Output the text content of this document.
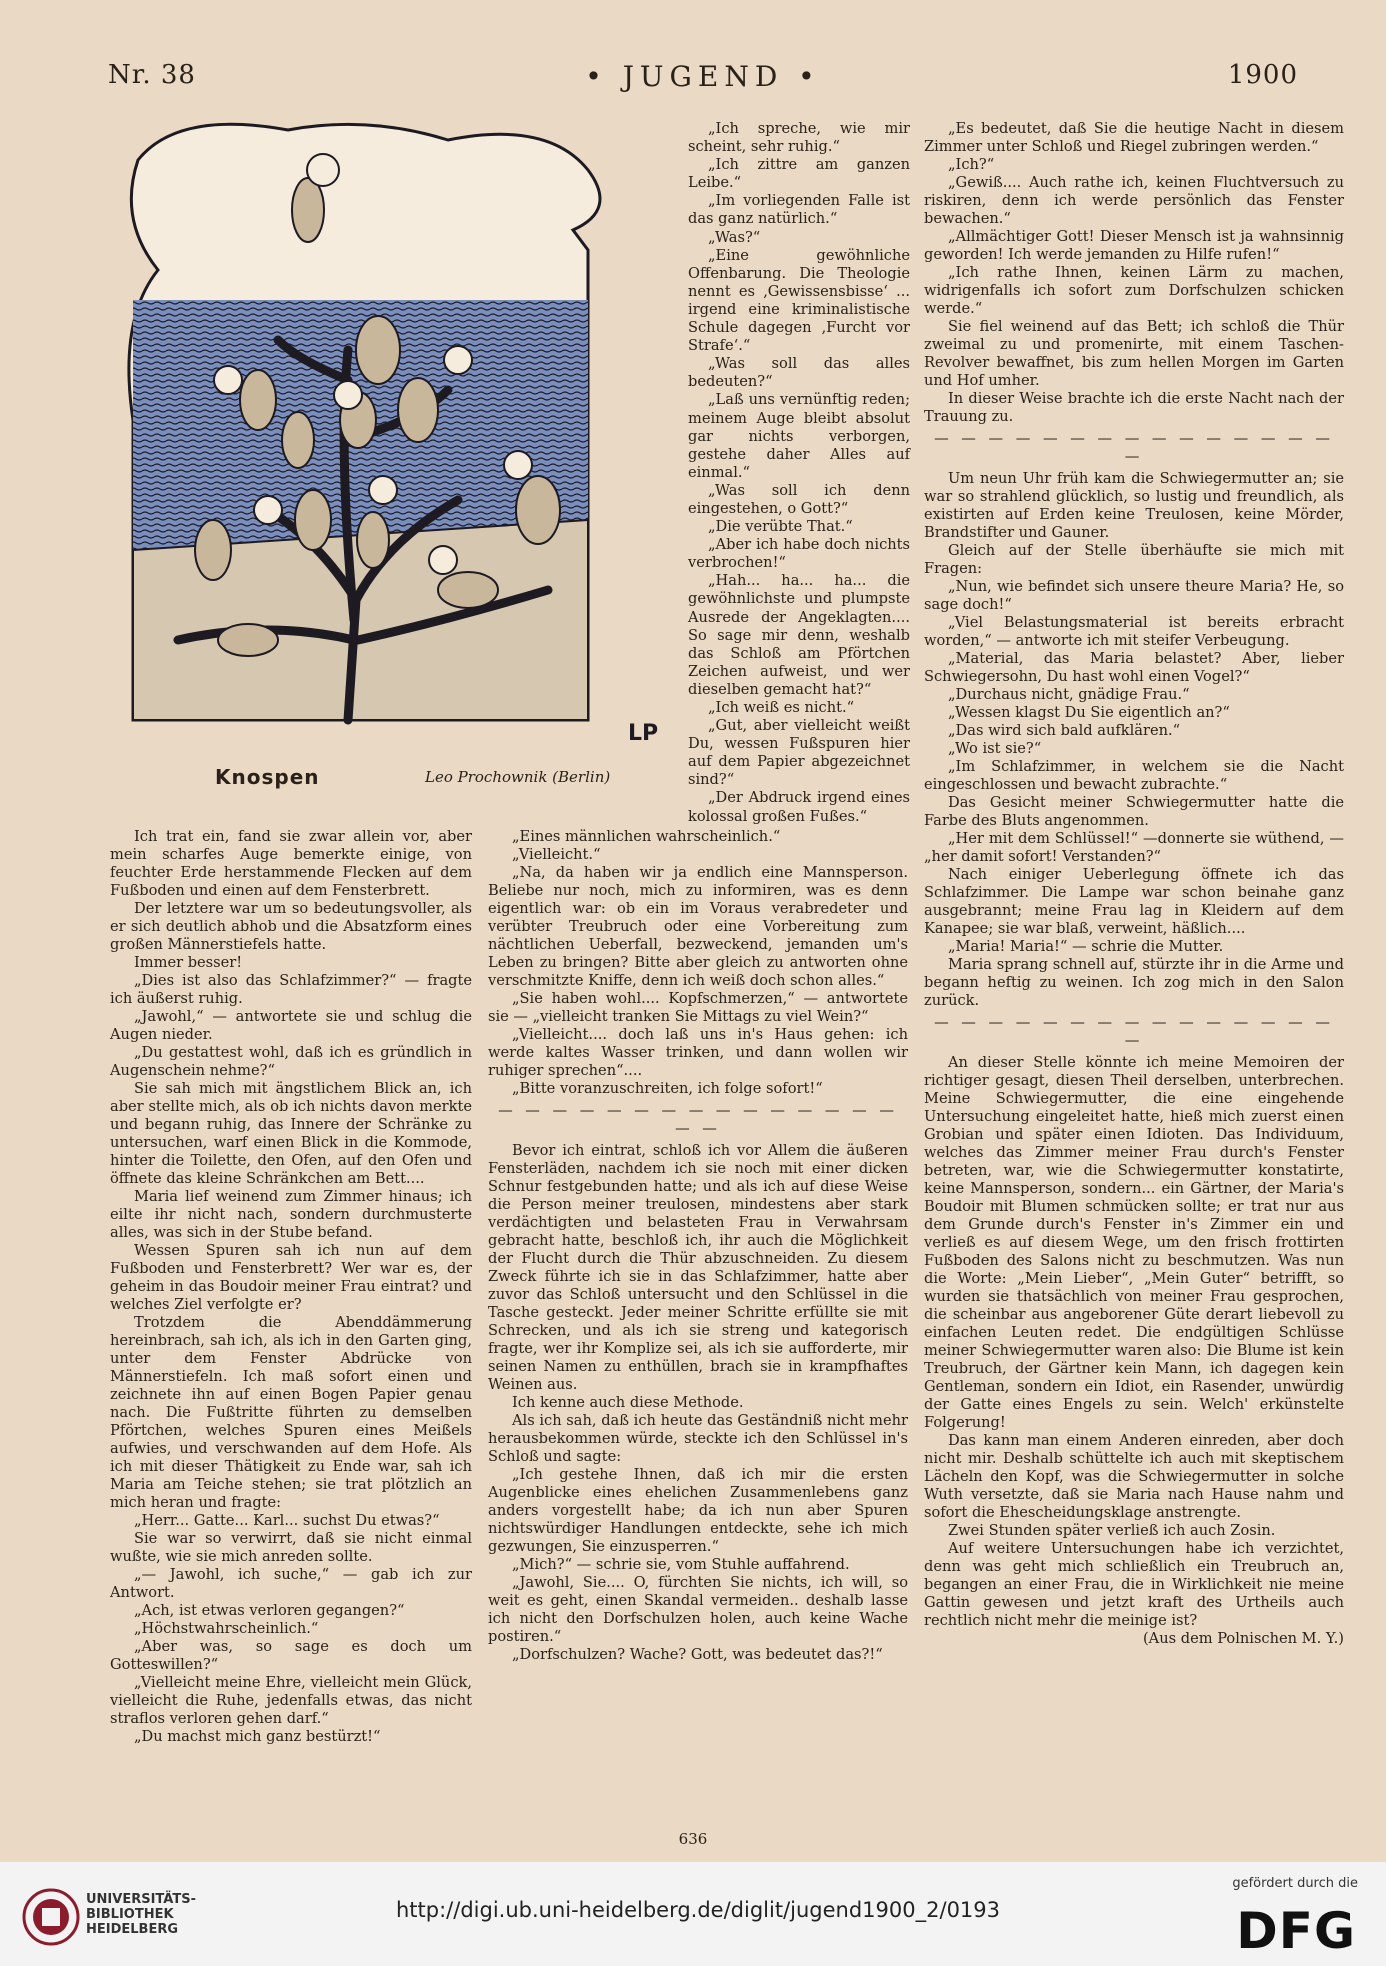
Nr. 38	• JUGEND •	1900
LP
Knospen	Leo Prochownik (Berlin)

„Ich spreche, wie mir scheint, sehr ruhig.“

„Ich zittre am ganzen Leibe.“

„Im vorliegenden Falle ist das ganz natürlich.“

„Was?“

„Eine gewöhnliche Offenbarung. Die Theologie nennt es ‚Gewissensbisse‘ ... irgend eine kriminalistische Schule dagegen ‚Furcht vor Strafe‘.“

„Was soll das alles bedeuten?“

„Laß uns vernünftig reden; meinem Auge bleibt absolut gar nichts verborgen, gestehe daher Alles auf einmal.“

„Was soll ich denn eingestehen, o Gott?“

„Die verübte That.“

„Aber ich habe doch nichts verbrochen!“

„Hah... ha... ha... die gewöhnlichste und plumpste Ausrede der Angeklagten.... So sage mir denn, weshalb das Schloß am Pförtchen Zeichen aufweist, und wer dieselben gemacht hat?“

„Ich weiß es nicht.“

„Gut, aber vielleicht weißt Du, wessen Fußspuren hier auf dem Papier abgezeichnet sind?“

„Der Abdruck irgend eines kolossal großen Fußes.“

Ich trat ein, fand sie zwar allein vor, aber mein scharfes Auge bemerkte einige, von feuchter Erde herstammende Flecken auf dem Fußboden und einen auf dem Fensterbrett.

Der letztere war um so bedeutungsvoller, als er sich deutlich abhob und die Absatzform eines großen Männerstiefels hatte.

Immer besser!

„Dies ist also das Schlafzimmer?“ — fragte ich äußerst ruhig.

„Jawohl,“ — antwortete sie und schlug die Augen nieder.

„Du gestattest wohl, daß ich es gründlich in Augenschein nehme?“

Sie sah mich mit ängstlichem Blick an, ich aber stellte mich, als ob ich nichts davon merkte und begann ruhig, das Innere der Schränke zu untersuchen, warf einen Blick in die Kommode, hinter die Toilette, den Ofen, auf den Ofen und öffnete das kleine Schränkchen am Bett....

Maria lief weinend zum Zimmer hinaus; ich eilte ihr nicht nach, sondern durchmusterte alles, was sich in der Stube befand.

Wessen Spuren sah ich nun auf dem Fußboden und Fensterbrett? Wer war es, der geheim in das Boudoir meiner Frau eintrat? und welches Ziel verfolgte er?

Trotzdem die Abenddämmerung hereinbrach, sah ich, als ich in den Garten ging, unter dem Fenster Abdrücke von Männerstiefeln. Ich maß sofort einen und zeichnete ihn auf einen Bogen Papier genau nach. Die Fußtritte führten zu demselben Pförtchen, welches Spuren eines Meißels aufwies, und verschwanden auf dem Hofe. Als ich mit dieser Thätigkeit zu Ende war, sah ich Maria am Teiche stehen; sie trat plötzlich an mich heran und fragte:

„Herr... Gatte... Karl... suchst Du etwas?“

Sie war so verwirrt, daß sie nicht einmal wußte, wie sie mich anreden sollte.

„— Jawohl, ich suche,“ — gab ich zur Antwort.

„Ach, ist etwas verloren gegangen?“

„Höchstwahrscheinlich.“

„Aber was, so sage es doch um Gotteswillen?“

„Vielleicht meine Ehre, vielleicht mein Glück, vielleicht die Ruhe, jedenfalls etwas, das nicht straflos verloren gehen darf.“

„Du machst mich ganz bestürzt!“

„Eines männlichen wahrscheinlich.“

„Vielleicht.“

„Na, da haben wir ja endlich eine Mannsperson. Beliebe nur noch, mich zu informiren, was es denn eigentlich war: ob ein im Voraus verabredeter und verübter Treubruch oder eine Vorbereitung zum nächtlichen Ueberfall, bezweckend, jemanden um's Leben zu bringen? Bitte aber gleich zu antworten ohne verschmitzte Kniffe, denn ich weiß doch schon alles.“

„Sie haben wohl.... Kopfschmerzen,“ — antwortete sie — „vielleicht tranken Sie Mittags zu viel Wein?“

„Vielleicht.... doch laß uns in's Haus gehen: ich werde kaltes Wasser trinken, und dann wollen wir ruhiger sprechen“....

„Bitte voranzuschreiten, ich folge sofort!“

— — — — — — — — — — — — — — — — —

Bevor ich eintrat, schloß ich vor Allem die äußeren Fensterläden, nachdem ich sie noch mit einer dicken Schnur festgebunden hatte; und als ich auf diese Weise die Person meiner treulosen, mindestens aber stark verdächtigten und belasteten Frau in Verwahrsam gebracht hatte, beschloß ich, ihr auch die Möglichkeit der Flucht durch die Thür abzuschneiden. Zu diesem Zweck führte ich sie in das Schlafzimmer, hatte aber zuvor das Schloß untersucht und den Schlüssel in die Tasche gesteckt. Jeder meiner Schritte erfüllte sie mit Schrecken, und als ich sie streng und kategorisch fragte, wer ihr Komplize sei, als ich sie aufforderte, mir seinen Namen zu enthüllen, brach sie in krampfhaftes Weinen aus.

Ich kenne auch diese Methode.

Als ich sah, daß ich heute das Geständniß nicht mehr herausbekommen würde, steckte ich den Schlüssel in's Schloß und sagte:

„Ich gestehe Ihnen, daß ich mir die ersten Augenblicke eines ehelichen Zusammenlebens ganz anders vorgestellt habe; da ich nun aber Spuren nichtswürdiger Handlungen entdeckte, sehe ich mich gezwungen, Sie einzusperren.“

„Mich?“ — schrie sie, vom Stuhle auffahrend.

„Jawohl, Sie.... O, fürchten Sie nichts, ich will, so weit es geht, einen Skandal vermeiden.. deshalb lasse ich nicht den Dorfschulzen holen, auch keine Wache postiren.“

„Dorfschulzen? Wache? Gott, was bedeutet das?!“

„Es bedeutet, daß Sie die heutige Nacht in diesem Zimmer unter Schloß und Riegel zubringen werden.“

„Ich?“

„Gewiß.... Auch rathe ich, keinen Fluchtversuch zu riskiren, denn ich werde persönlich das Fenster bewachen.“

„Allmächtiger Gott! Dieser Mensch ist ja wahnsinnig geworden! Ich werde jemanden zu Hilfe rufen!“

„Ich rathe Ihnen, keinen Lärm zu machen, widrigenfalls ich sofort zum Dorfschulzen schicken werde.“

Sie fiel weinend auf das Bett; ich schloß die Thür zweimal zu und promenirte, mit einem Taschen-Revolver bewaffnet, bis zum hellen Morgen im Garten und Hof umher.

In dieser Weise brachte ich die erste Nacht nach der Trauung zu.

— — — — — — — — — — — — — — — —

Um neun Uhr früh kam die Schwiegermutter an; sie war so strahlend glücklich, so lustig und freundlich, als existirten auf Erden keine Treulosen, keine Mörder, Brandstifter und Gauner.

Gleich auf der Stelle überhäufte sie mich mit Fragen:

„Nun, wie befindet sich unsere theure Maria? He, so sage doch!“

„Viel Belastungsmaterial ist bereits erbracht worden,“ — antworte ich mit steifer Verbeugung.

„Material, das Maria belastet? Aber, lieber Schwiegersohn, Du hast wohl einen Vogel?“

„Durchaus nicht, gnädige Frau.“

„Wessen klagst Du Sie eigentlich an?“

„Das wird sich bald aufklären.“

„Wo ist sie?“

„Im Schlafzimmer, in welchem sie die Nacht eingeschlossen und bewacht zubrachte.“

Das Gesicht meiner Schwiegermutter hatte die Farbe des Bluts angenommen.

„Her mit dem Schlüssel!“ —donnerte sie wüthend, — „her damit sofort! Verstanden?“

Nach einiger Ueberlegung öffnete ich das Schlafzimmer. Die Lampe war schon beinahe ganz ausgebrannt; meine Frau lag in Kleidern auf dem Kanapee; sie war blaß, verweint, häßlich....

„Maria! Maria!“ — schrie die Mutter.

Maria sprang schnell auf, stürzte ihr in die Arme und begann heftig zu weinen. Ich zog mich in den Salon zurück.

— — — — — — — — — — — — — — — —

An dieser Stelle könnte ich meine Memoiren der richtiger gesagt, diesen Theil derselben, unterbrechen. Meine Schwiegermutter, die eine eingehende Untersuchung eingeleitet hatte, hieß mich zuerst einen Grobian und später einen Idioten. Das Individuum, welches das Zimmer meiner Frau durch's Fenster betreten, war, wie die Schwiegermutter konstatirte, keine Mannsperson, sondern... ein Gärtner, der Maria's Boudoir mit Blumen schmücken sollte; er trat nur aus dem Grunde durch's Fenster in's Zimmer ein und verließ es auf diesem Wege, um den frisch frottirten Fußboden des Salons nicht zu beschmutzen. Was nun die Worte: „Mein Lieber“, „Mein Guter“ betrifft, so wurden sie thatsächlich von meiner Frau gesprochen, die scheinbar aus angeborener Güte derart liebevoll zu einfachen Leuten redet. Die endgültigen Schlüsse meiner Schwiegermutter waren also: Die Blume ist kein Treubruch, der Gärtner kein Mann, ich dagegen kein Gentleman, sondern ein Idiot, ein Rasender, unwürdig der Gatte eines Engels zu sein. Welch' erkünstelte Folgerung!

Das kann man einem Anderen einreden, aber doch nicht mir. Deshalb schüttelte ich auch mit skeptischem Lächeln den Kopf, was die Schwiegermutter in solche Wuth versetzte, daß sie Maria nach Hause nahm und sofort die Ehescheidungsklage anstrengte.

Zwei Stunden später verließ ich auch Zosin.

Auf weitere Untersuchungen habe ich verzichtet, denn was geht mich schließlich ein Treubruch an, begangen an einer Frau, die in Wirklichkeit nie meine Gattin gewesen und jetzt kraft des Urtheils auch rechtlich nicht mehr die meinige ist?

(Aus dem Polnischen M. Y.)

636
UNIVERSITÄTS-
BIBLIOTHEK
HEIDELBERG
http://digi.ub.uni-heidelberg.de/diglit/jugend1900_2/0193
gefördert durch die
DFG
